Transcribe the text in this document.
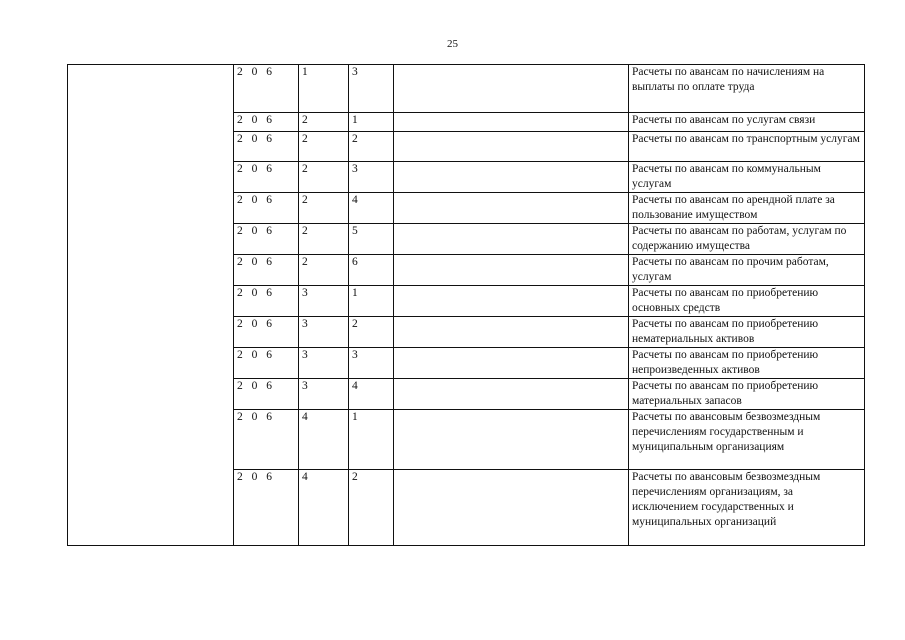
25
	2 0 6	1	3		Расчеты по авансам по начислениям на выплаты по оплате труда
	2 0 6	2	1		Расчеты по авансам по услугам связи
	2 0 6	2	2		Расчеты по авансам по транспортным услугам
	2 0 6	2	3		Расчеты по авансам по коммунальным услугам
	2 0 6	2	4		Расчеты по авансам по арендной плате за пользование имуществом
	2 0 6	2	5		Расчеты по авансам по работам, услугам по содержанию имущества
	2 0 6	2	6		Расчеты по авансам по прочим работам, услугам
	2 0 6	3	1		Расчеты по авансам по приобретению основных средств
	2 0 6	3	2		Расчеты по авансам по приобретению нематериальных активов
	2 0 6	3	3		Расчеты по авансам по приобретению непроизведенных активов
	2 0 6	3	4		Расчеты по авансам по приобретению материальных запасов
	2 0 6	4	1		Расчеты по авансовым безвозмездным перечислениям государственным и муниципальным организациям
	2 0 6	4	2		Расчеты по авансовым безвозмездным перечислениям организациям, за исключением государственных и муниципальных организаций
